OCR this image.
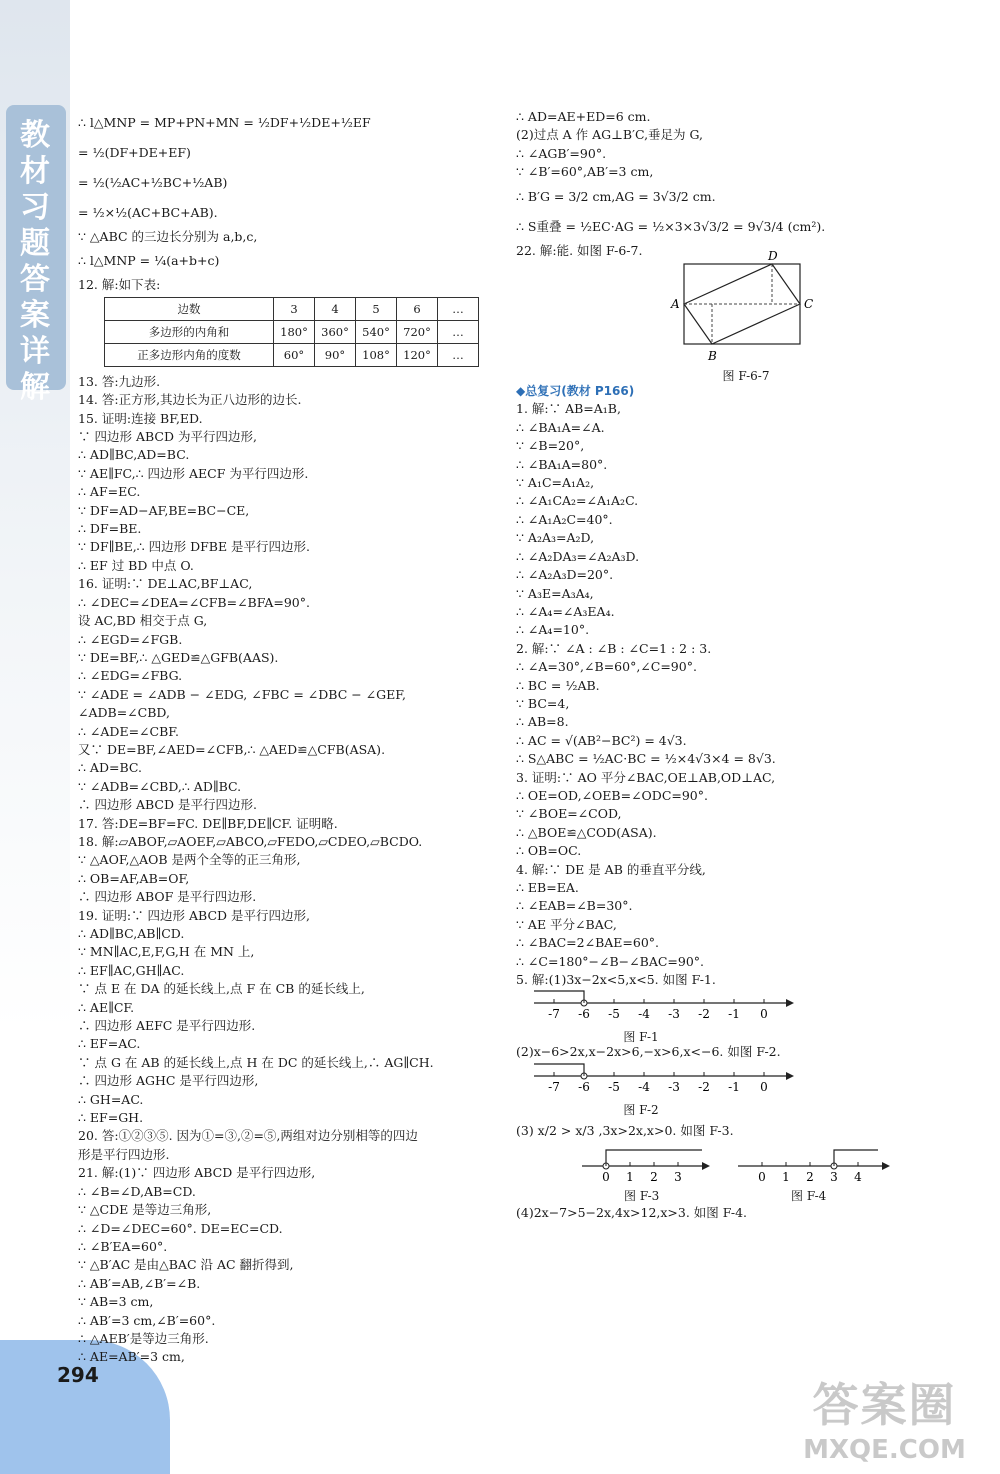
教材习题答案详解
294
答案圈
MXQE.COM
∴ l△MNP = MP+PN+MN = ½DF+½DE+½EF
= ½(DF+DE+EF)
= ½(½AC+½BC+½AB)
= ½×½(AC+BC+AB).
∵ △ABC 的三边长分别为 a,b,c,
∴ l△MNP = ¼(a+b+c)
12. 解:如下表:
边数	3	4	5	6	…
多边形的内角和	180°	360°	540°	720°	…
正多边形内角的度数	60°	90°	108°	120°	…
13. 答:九边形.
14. 答:正方形,其边长为正八边形的边长.
15. 证明:连接 BF,ED.
∵ 四边形 ABCD 为平行四边形,
∴ AD∥BC,AD=BC.
∵ AE∥FC,∴ 四边形 AECF 为平行四边形.
∴ AF=EC.
∵ DF=AD−AF,BE=BC−CE,
∴ DF=BE.
∵ DF∥BE,∴ 四边形 DFBE 是平行四边形.
∴ EF 过 BD 中点 O.
16. 证明:∵ DE⊥AC,BF⊥AC,
∴ ∠DEC=∠DEA=∠CFB=∠BFA=90°.
设 AC,BD 相交于点 G,
∴ ∠EGD=∠FGB.
∵ DE=BF,∴ △GED≌△GFB(AAS).
∴ ∠EDG=∠FBG.
∵ ∠ADE = ∠ADB − ∠EDG, ∠FBC = ∠DBC − ∠GEF,
∠ADB=∠CBD,
∴ ∠ADE=∠CBF.
又∵ DE=BF,∠AED=∠CFB,∴ △AED≌△CFB(ASA).
∴ AD=BC.
∵ ∠ADB=∠CBD,∴ AD∥BC.
∴ 四边形 ABCD 是平行四边形.
17. 答:DE=BF=FC. DE∥BF,DE∥CF. 证明略.
18. 解:▱ABOF,▱AOEF,▱ABCO,▱FEDO,▱CDEO,▱BCDO.
∵ △AOF,△AOB 是两个全等的正三角形,
∴ OB=AF,AB=OF,
∴ 四边形 ABOF 是平行四边形.
19. 证明:∵ 四边形 ABCD 是平行四边形,
∴ AD∥BC,AB∥CD.
∵ MN∥AC,E,F,G,H 在 MN 上,
∴ EF∥AC,GH∥AC.
∵ 点 E 在 DA 的延长线上,点 F 在 CB 的延长线上,
∴ AE∥CF.
∴ 四边形 AEFC 是平行四边形.
∴ EF=AC.
∵ 点 G 在 AB 的延长线上,点 H 在 DC 的延长线上,∴ AG∥CH.
∴ 四边形 AGHC 是平行四边形,
∴ GH=AC.
∴ EF=GH.
20. 答:①②③⑤. 因为①=③,②=⑤,两组对边分别相等的四边
形是平行四边形.
21. 解:(1)∵ 四边形 ABCD 是平行四边形,
∴ ∠B=∠D,AB=CD.
∵ △CDE 是等边三角形,
∴ ∠D=∠DEC=60°. DE=EC=CD.
∴ ∠B′EA=60°.
∵ △B′AC 是由△BAC 沿 AC 翻折得到,
∴ AB′=AB,∠B′=∠B.
∵ AB=3 cm,
∴ AB′=3 cm,∠B′=60°.
∴ △AEB′是等边三角形.
∴ AE=AB′=3 cm,
∴ AD=AE+ED=6 cm.
(2)过点 A 作 AG⊥B′C,垂足为 G,
∴ ∠AGB′=90°.
∵ ∠B′=60°,AB′=3 cm,
∴ B′G = 3/2 cm,AG = 3√3/2 cm.
∴ S重叠 = ½EC·AG = ½×3×3√3/2 = 9√3/4 (cm²).
22. 解:能. 如图 F-6-7.	D
A	C
B
图 F-6-7
◆总复习(教材 P166)
1. 解:∵ AB=A₁B,
∴ ∠BA₁A=∠A.
∵ ∠B=20°,
∴ ∠BA₁A=80°.
∵ A₁C=A₁A₂,
∴ ∠A₁CA₂=∠A₁A₂C.
∴ ∠A₁A₂C=40°.
∵ A₂A₃=A₂D,
∴ ∠A₂DA₃=∠A₂A₃D.
∴ ∠A₂A₃D=20°.
∵ A₃E=A₃A₄,
∴ ∠A₄=∠A₃EA₄.
∴ ∠A₄=10°.
2. 解:∵ ∠A : ∠B : ∠C=1 : 2 : 3.
∴ ∠A=30°,∠B=60°,∠C=90°.
∴ BC = ½AB.
∵ BC=4,
∴ AB=8.
∴ AC = √(AB²−BC²) = 4√3.
∴ S△ABC = ½AC·BC = ½×4√3×4 = 8√3.
3. 证明:∵ AO 平分∠BAC,OE⊥AB,OD⊥AC,
∴ OE=OD,∠OEB=∠ODC=90°.
∵ ∠BOE=∠COD,
∴ △BOE≌△COD(ASA).
∴ OB=OC.
4. 解:∵ DE 是 AB 的垂直平分线,
∴ EB=EA.
∴ ∠EAB=∠B=30°.
∵ AE 平分∠BAC,
∴ ∠BAC=2∠BAE=60°.
∴ ∠C=180°−∠B−∠BAC=90°.
5. 解:(1)3x−2x<5,x<5. 如图 F-1.
-7 -6 -5 -4 -3 -2 -1 0
图 F-1
(2)x−6>2x,x−2x>6,−x>6,x<−6. 如图 F-2.
-7 -6 -5 -4 -3 -2 -1 0
图 F-2
(3) x/2 > x/3 ,3x>2x,x>0. 如图 F-3.
0 1 2 3	0 1 2 3 4
图 F-3	图 F-4
(4)2x−7>5−2x,4x>12,x>3. 如图 F-4.
